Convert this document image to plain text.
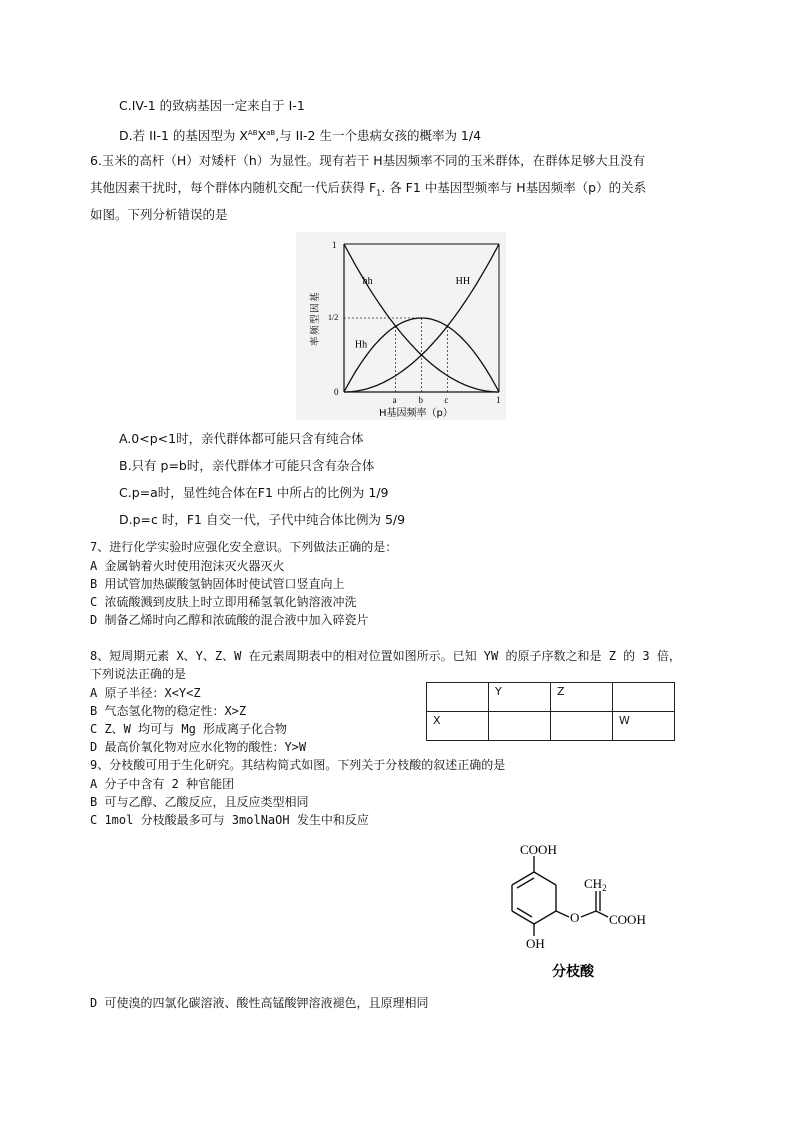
C.IV-1 的致病基因一定来自于 I-1
D.若 II-1 的基因型为 $X^{AB}X^{aB}$,与 II-2 生一个患病女孩的概率为 1/4
6.玉米的高杆（H）对矮杆（h）为显性。现有若干 H基因频率不同的玉米群体，在群体足够大且没有
其他因素干扰时，每个群体内随机交配一代后获得 $F_1$. 各 F1 中基因型频率与 H基因频率（p）的关系
如图。下列分析错误的是
hh
Hh
HH
0
a b c	1
1
1/2
H基因频率（p）
基
因
型
频
率
A.0<p<1时，亲代群体都可能只含有纯合体
B.只有 p=b时，亲代群体才可能只含有杂合体
C.p=a时，显性纯合体在F1 中所占的比例为 1/9
D.p=c 时，F1 自交一代，子代中纯合体比例为 5/9
7、进行化学实验时应强化安全意识。下列做法正确的是：
A 金属钠着火时使用泡沫灭火器灭火
B 用试管加热碳酸氢钠固体时使试管口竖直向上
C 浓硫酸溅到皮肤上时立即用稀氢氧化钠溶液冲洗
D 制备乙烯时向乙醇和浓硫酸的混合液中加入碎瓷片
8、短周期元素 X、Y、Z、W 在元素周期表中的相对位置如图所示。已知 YW 的原子序数之和是 Z 的 3 倍，
下列说法正确的是
A 原子半径：X<Y<Z
B 气态氢化物的稳定性：X>Z
C Z、W 均可与 Mg 形成离子化合物
D 最高价氧化物对应水化物的酸性：Y>W
	Y	Z	
X			W
9、分枝酸可用于生化研究。其结构简式如图。下列关于分枝酸的叙述正确的是
A 分子中含有 2 种官能团
B 可与乙醇、乙酸反应，且反应类型相同
C 1mol 分枝酸最多可与 3molNaOH 发生中和反应
COOH
$CH_2$
O COOH
OH
分枝酸
D 可使溴的四氯化碳溶液、酸性高锰酸钾溶液褪色，且原理相同
